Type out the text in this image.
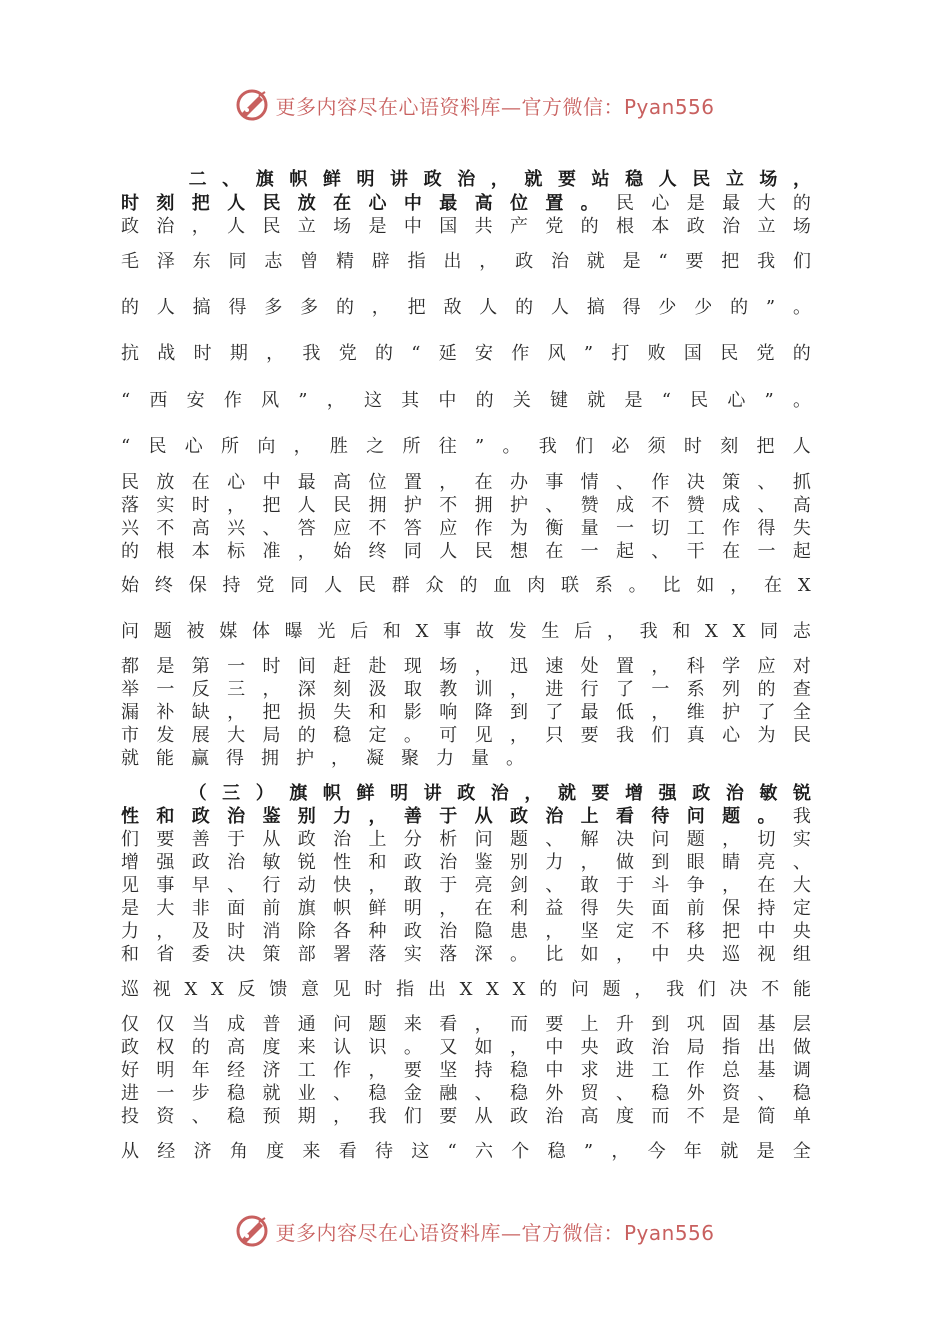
更多内容尽在心语资料库—官方微信：Pyan556
二 、 旗 帜 鲜 明 讲 政 治 ， 就 要 站 稳 人 民 立 场 ，
时 刻 把 人 民 放 在 心 中 最 高 位 置 。 民 心 是 最 大 的
政 治 ， 人 民 立 场 是 中 国 共 产 党 的 根 本 政 治 立 场
毛 泽 东 同 志 曾 精 辟 指 出 ， 政 治 就 是 “ 要 把 我 们
的 人 搞 得 多 多 的 ， 把 敌 人 的 人 搞 得 少 少 的 ” 。
抗 战 时 期 ， 我 党 的 “ 延 安 作 风 ” 打 败 国 民 党 的
“ 西 安 作 风 ” ， 这 其 中 的 关 键 就 是 “ 民 心 ” 。
“ 民 心 所 向 ， 胜 之 所 往 ” 。 我 们 必 须 时 刻 把 人
民 放 在 心 中 最 高 位 置 ， 在 办 事 情 、 作 决 策 、 抓
落 实 时 ， 把 人 民 拥 护 不 拥 护 、 赞 成 不 赞 成 、 高
兴 不 高 兴 、 答 应 不 答 应 作 为 衡 量 一 切 工 作 得 失
的 根 本 标 准 ， 始 终 同 人 民 想 在 一 起 、 干 在 一 起
始 终 保 持 党 同 人 民 群 众 的 血 肉 联 系 。 比 如 ， 在 X
问 题 被 媒 体 曝 光 后 和 X 事 故 发 生 后 ， 我 和 X X 同 志
都 是 第 一 时 间 赶 赴 现 场 ， 迅 速 处 置 ， 科 学 应 对
举 一 反 三 ， 深 刻 汲 取 教 训 ， 进 行 了 一 系 列 的 查
漏 补 缺 ， 把 损 失 和 影 响 降 到 了 最 低 ， 维 护 了 全
市 发 展 大 局 的 稳 定 。 可 见 ， 只 要 我 们 真 心 为 民
就 能 赢 得 拥 护 ， 凝 聚 力 量 。
（ 三 ） 旗 帜 鲜 明 讲 政 治 ， 就 要 增 强 政 治 敏 锐
性 和 政 治 鉴 别 力 ， 善 于 从 政 治 上 看 待 问 题 。 我
们 要 善 于 从 政 治 上 分 析 问 题 、 解 决 问 题 ， 切 实
增 强 政 治 敏 锐 性 和 政 治 鉴 别 力 ， 做 到 眼 睛 亮 、
见 事 早 、 行 动 快 ， 敢 于 亮 剑 、 敢 于 斗 争 ， 在 大
是 大 非 面 前 旗 帜 鲜 明 ， 在 利 益 得 失 面 前 保 持 定
力 ， 及 时 消 除 各 种 政 治 隐 患 ， 坚 定 不 移 把 中 央
和 省 委 决 策 部 署 落 实 落 深 。 比 如 ， 中 央 巡 视 组
巡 视 X X 反 馈 意 见 时 指 出 X X X 的 问 题 ， 我 们 决 不 能
仅 仅 当 成 普 通 问 题 来 看 ， 而 要 上 升 到 巩 固 基 层
政 权 的 高 度 来 认 识 。 又 如 ， 中 央 政 治 局 指 出 做
好 明 年 经 济 工 作 ， 要 坚 持 稳 中 求 进 工 作 总 基 调
进 一 步 稳 就 业 、 稳 金 融 、 稳 外 贸 、 稳 外 资 、 稳
投 资 、 稳 预 期 ， 我 们 要 从 政 治 高 度 而 不 是 简 单
从 经 济 角 度 来 看 待 这 “ 六 个 稳 ” ， 今 年 就 是 全
更多内容尽在心语资料库—官方微信：Pyan556
